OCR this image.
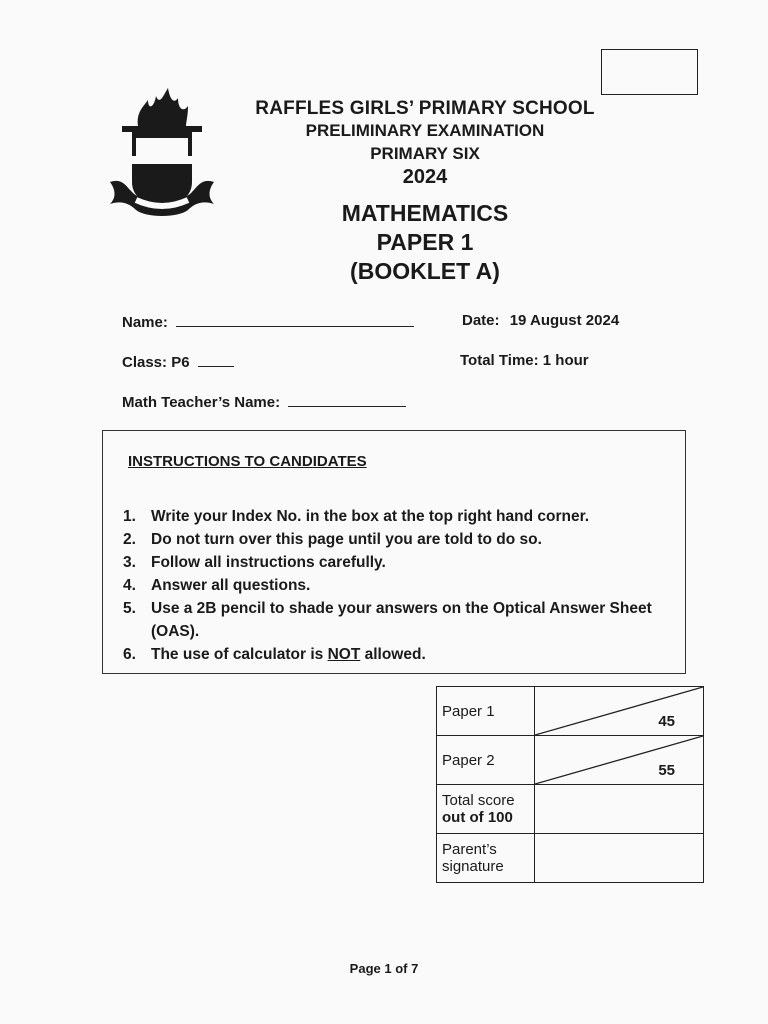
RAFFLES GIRLS’ PRIMARY SCHOOL
PRELIMINARY EXAMINATION
PRIMARY SIX
2024
MATHEMATICS
PAPER 1
(BOOKLET A)
Name:	Date: 19 August 2024
Class: P6	Total Time: 1 hour
Math Teacher’s Name:
INSTRUCTIONS TO CANDIDATES
1. Write your Index No. in the box at the top right hand corner.
2. Do not turn over this page until you are told to do so.
3. Follow all instructions carefully.
4. Answer all questions.
5. Use a 2B pencil to shade your answers on the Optical Answer Sheet (OAS).
6. The use of calculator is NOT allowed.
Paper 1	45

Paper 2	55

Total score
out of 100	

Parent’s
signature	

Page 1 of 7
